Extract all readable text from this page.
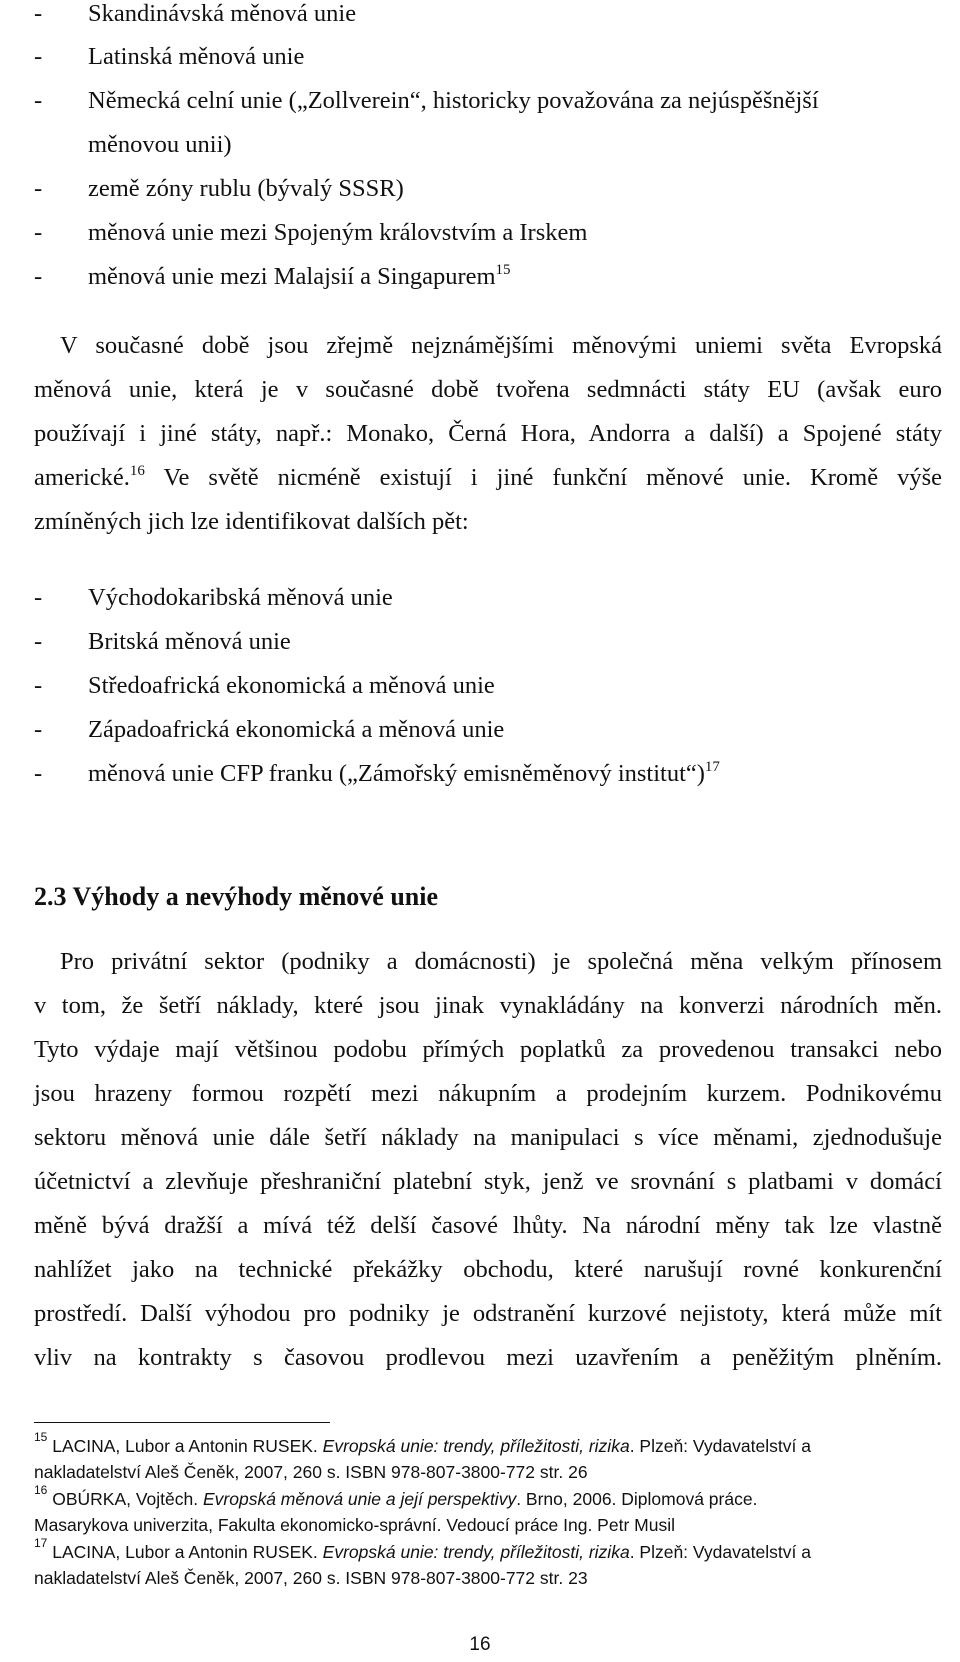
- Skandinávská měnová unie
- Latinská měnová unie
- Německá celní unie („Zollverein“, historicky považována za nejúspěšnější
měnovou unii)
- země zóny rublu (bývalý SSSR)
- měnová unie mezi Spojeným královstvím a Irskem
- měnová unie mezi Malajsií a Singapurem$^{15}$
V současné době jsou zřejmě nejznámějšími měnovými uniemi světa Evropská
měnová unie, která je v současné době tvořena sedmnácti státy EU (avšak euro
používají i jiné státy, např.: Monako, Černá Hora, Andorra a další) a Spojené státy
americké.$^{16}$ Ve světě nicméně existují i jiné funkční měnové unie. Kromě výše
zmíněných jich lze identifikovat dalších pět:
- Východokaribská měnová unie
- Britská měnová unie
- Středoafrická ekonomická a měnová unie
- Západoafrická ekonomická a měnová unie
- měnová unie CFP franku („Zámořský emisněměnový institut“)$^{17}$
2.3 Výhody a nevýhody měnové unie
Pro privátní sektor (podniky a domácnosti) je společná měna velkým přínosem
v tom, že šetří náklady, které jsou jinak vynakládány na konverzi národních měn.
Tyto výdaje mají většinou podobu přímých poplatků za provedenou transakci nebo
jsou hrazeny formou rozpětí mezi nákupním a prodejním kurzem. Podnikovému
sektoru měnová unie dále šetří náklady na manipulaci s více měnami, zjednodušuje
účetnictví a zlevňuje přeshraniční platební styk, jenž ve srovnání s platbami v domácí
měně bývá dražší a mívá též delší časové lhůty. Na národní měny tak lze vlastně
nahlížet jako na technické překážky obchodu, které narušují rovné konkurenční
prostředí. Další výhodou pro podniky je odstranění kurzové nejistoty, která může mít
vliv na kontrakty s časovou prodlevou mezi uzavřením a peněžitým plněním.
$^{15}$ LACINA, Lubor a Antonin RUSEK. Evropská unie: trendy, příležitosti, rizika. Plzeň: Vydavatelství a
nakladatelství Aleš Čeněk, 2007, 260 s. ISBN 978-807-3800-772 str. 26
$^{16}$ OBÚRKA, Vojtěch. Evropská měnová unie a její perspektivy. Brno, 2006. Diplomová práce.
Masarykova univerzita, Fakulta ekonomicko-správní. Vedoucí práce Ing. Petr Musil
$^{17}$ LACINA, Lubor a Antonin RUSEK. Evropská unie: trendy, příležitosti, rizika. Plzeň: Vydavatelství a
nakladatelství Aleš Čeněk, 2007, 260 s. ISBN 978-807-3800-772 str. 23
16
